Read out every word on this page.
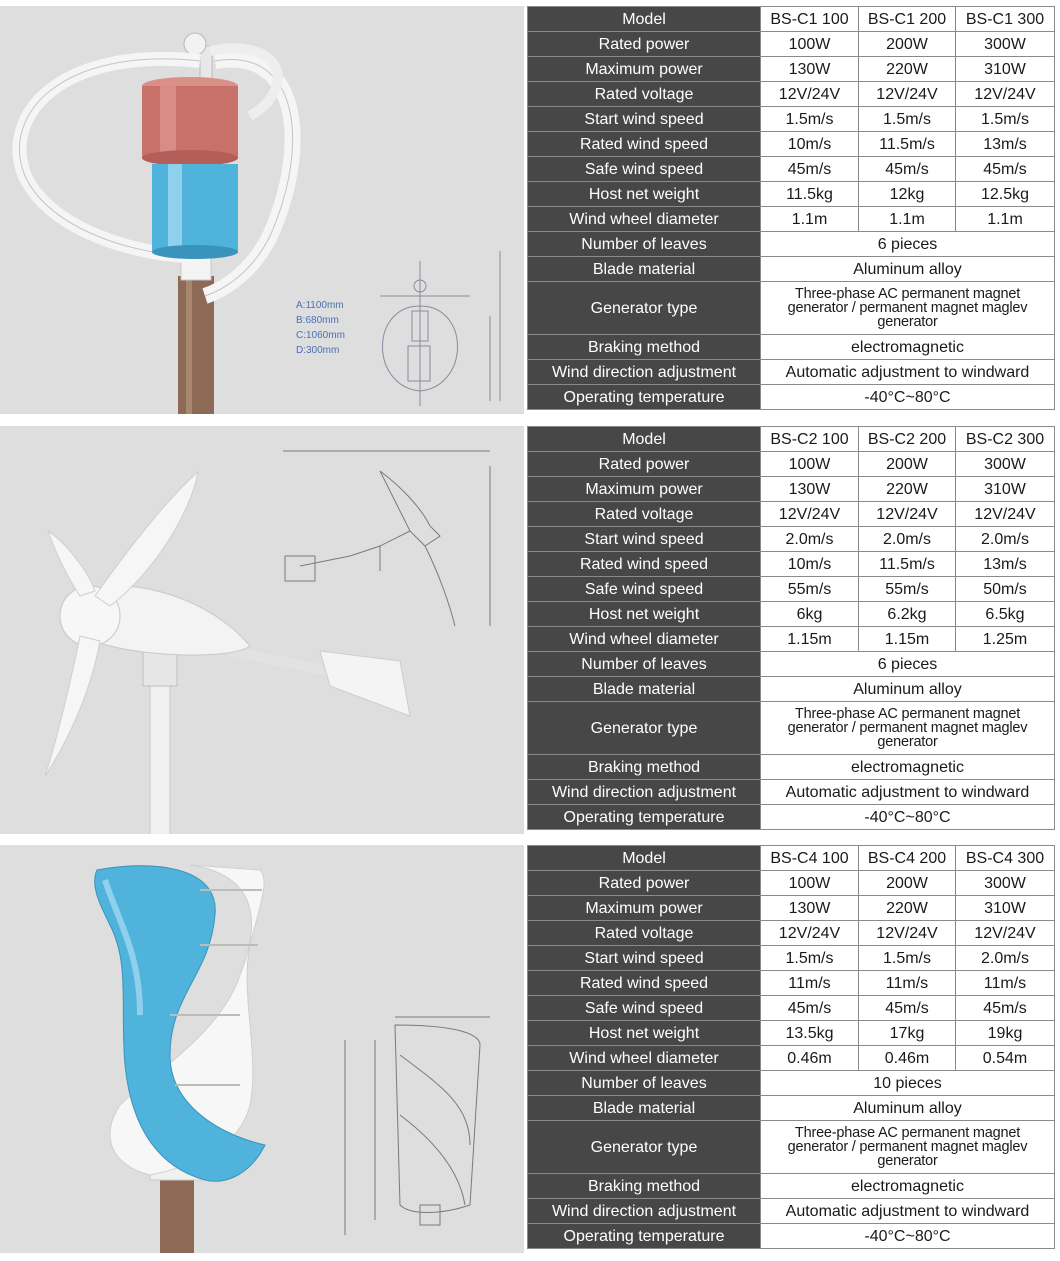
A:1100mm
B:680mm
C:1060mm
D:300mm
Model	BS-C1 100	BS-C1 200	BS-C1 300
Rated power	100W	200W	300W
Maximum power	130W	220W	310W
Rated voltage	12V/24V	12V/24V	12V/24V
Start wind speed	1.5m/s	1.5m/s	1.5m/s
Rated wind speed	10m/s	11.5m/s	13m/s
Safe wind speed	45m/s	45m/s	45m/s
Host net weight	11.5kg	12kg	12.5kg
Wind wheel diameter	1.1m	1.1m	1.1m
Number of leaves	6 pieces		
Blade material	Aluminum alloy		
Generator type	Three-phase AC permanent magnet generator / permanent magnet maglev generator		
Braking method	electromagnetic		
Wind direction adjustment	Automatic adjustment to windward		
Operating temperature	-40°C~80°C		
Model	BS-C2 100	BS-C2 200	BS-C2 300
Rated power	100W	200W	300W
Maximum power	130W	220W	310W
Rated voltage	12V/24V	12V/24V	12V/24V
Start wind speed	2.0m/s	2.0m/s	2.0m/s
Rated wind speed	10m/s	11.5m/s	13m/s
Safe wind speed	55m/s	55m/s	50m/s
Host net weight	6kg	6.2kg	6.5kg
Wind wheel diameter	1.15m	1.15m	1.25m
Number of leaves	6 pieces		
Blade material	Aluminum alloy		
Generator type	Three-phase AC permanent magnet generator / permanent magnet maglev generator		
Braking method	electromagnetic		
Wind direction adjustment	Automatic adjustment to windward		
Operating temperature	-40°C~80°C		
Model	BS-C4 100	BS-C4 200	BS-C4 300
Rated power	100W	200W	300W
Maximum power	130W	220W	310W
Rated voltage	12V/24V	12V/24V	12V/24V
Start wind speed	1.5m/s	1.5m/s	2.0m/s
Rated wind speed	11m/s	11m/s	11m/s
Safe wind speed	45m/s	45m/s	45m/s
Host net weight	13.5kg	17kg	19kg
Wind wheel diameter	0.46m	0.46m	0.54m
Number of leaves	10 pieces		
Blade material	Aluminum alloy		
Generator type	Three-phase AC permanent magnet generator / permanent magnet maglev generator		
Braking method	electromagnetic		
Wind direction adjustment	Automatic adjustment to windward		
Operating temperature	-40°C~80°C		
